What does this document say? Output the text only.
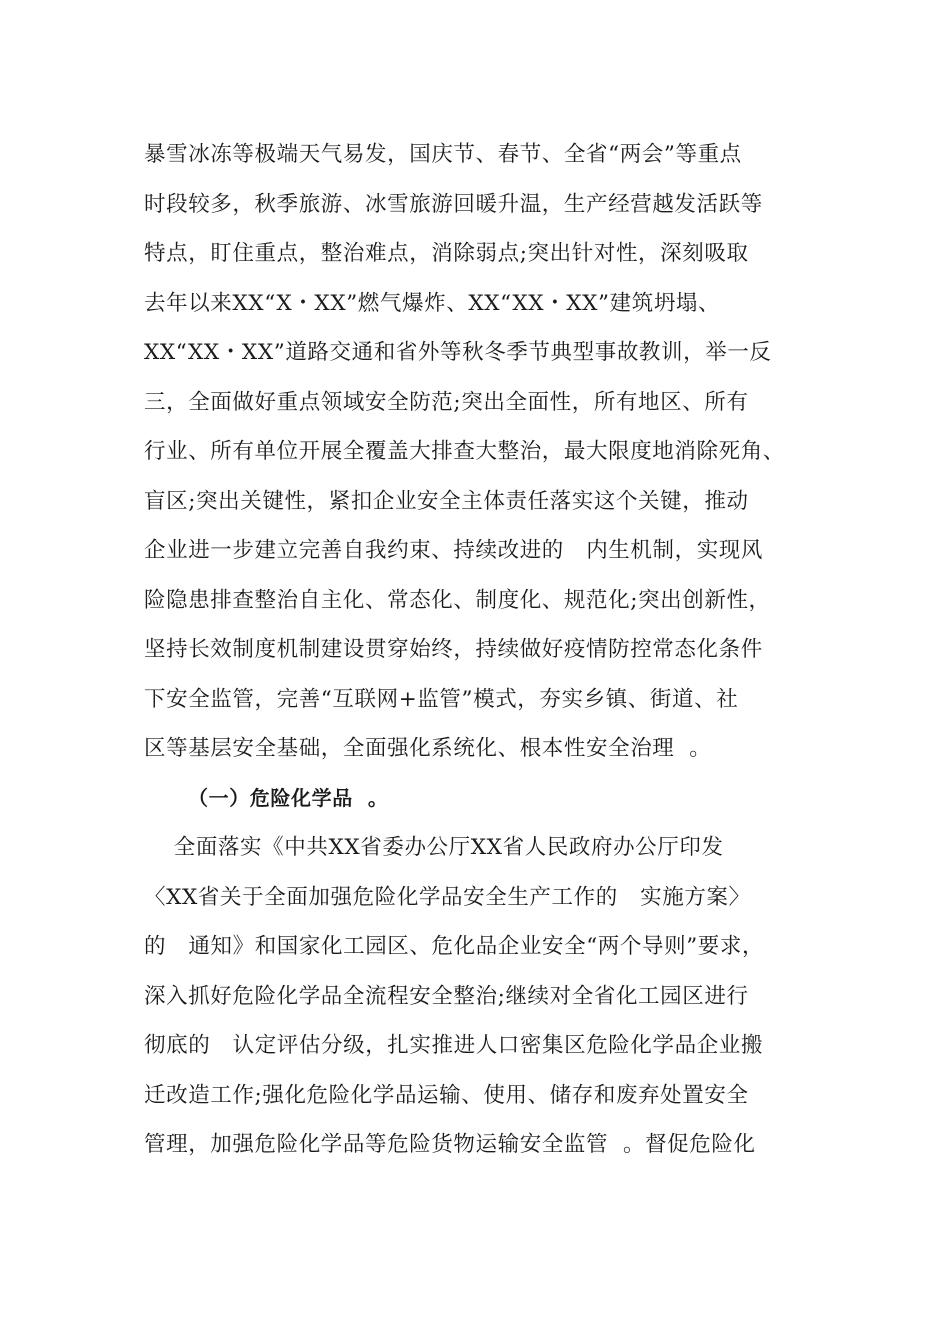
暴雪冰冻等极端天气易发，国庆节、春节、全省“两会”等重点
时段较多，秋季旅游、冰雪旅游回暖升温，生产经营越发活跃等
特点，盯住重点，整治难点，消除弱点;突出针对性，深刻吸取
去年以来XX“X・XX”燃气爆炸、XX“XX・XX”建筑坍塌、
XX“XX・XX”道路交通和省外等秋冬季节典型事故教训，举一反
三，全面做好重点领域安全防范;突出全面性，所有地区、所有
行业、所有单位开展全覆盖大排查大整治，最大限度地消除死角、
盲区;突出关键性，紧扣企业安全主体责任落实这个关键，推动
企业进一步建立完善自我约束、持续改进的   内生机制，实现风
险隐患排查整治自主化、常态化、制度化、规范化;突出创新性，
坚持长效制度机制建设贯穿始终，持续做好疫情防控常态化条件
下安全监管，完善“互联网+监管”模式，夯实乡镇、街道、社
区等基层安全基础，全面强化系统化、根本性安全治理  。
（一）危险化学品  。
全面落实《中共XX省委办公厅XX省人民政府办公厅印发
〈XX省关于全面加强危险化学品安全生产工作的   实施方案〉
的   通知》和国家化工园区、危化品企业安全“两个导则”要求，
深入抓好危险化学品全流程安全整治;继续对全省化工园区进行
彻底的   认定评估分级，扎实推进人口密集区危险化学品企业搬
迁改造工作;强化危险化学品运输、使用、储存和废弃处置安全
管理，加强危险化学品等危险货物运输安全监管  。督促危险化
